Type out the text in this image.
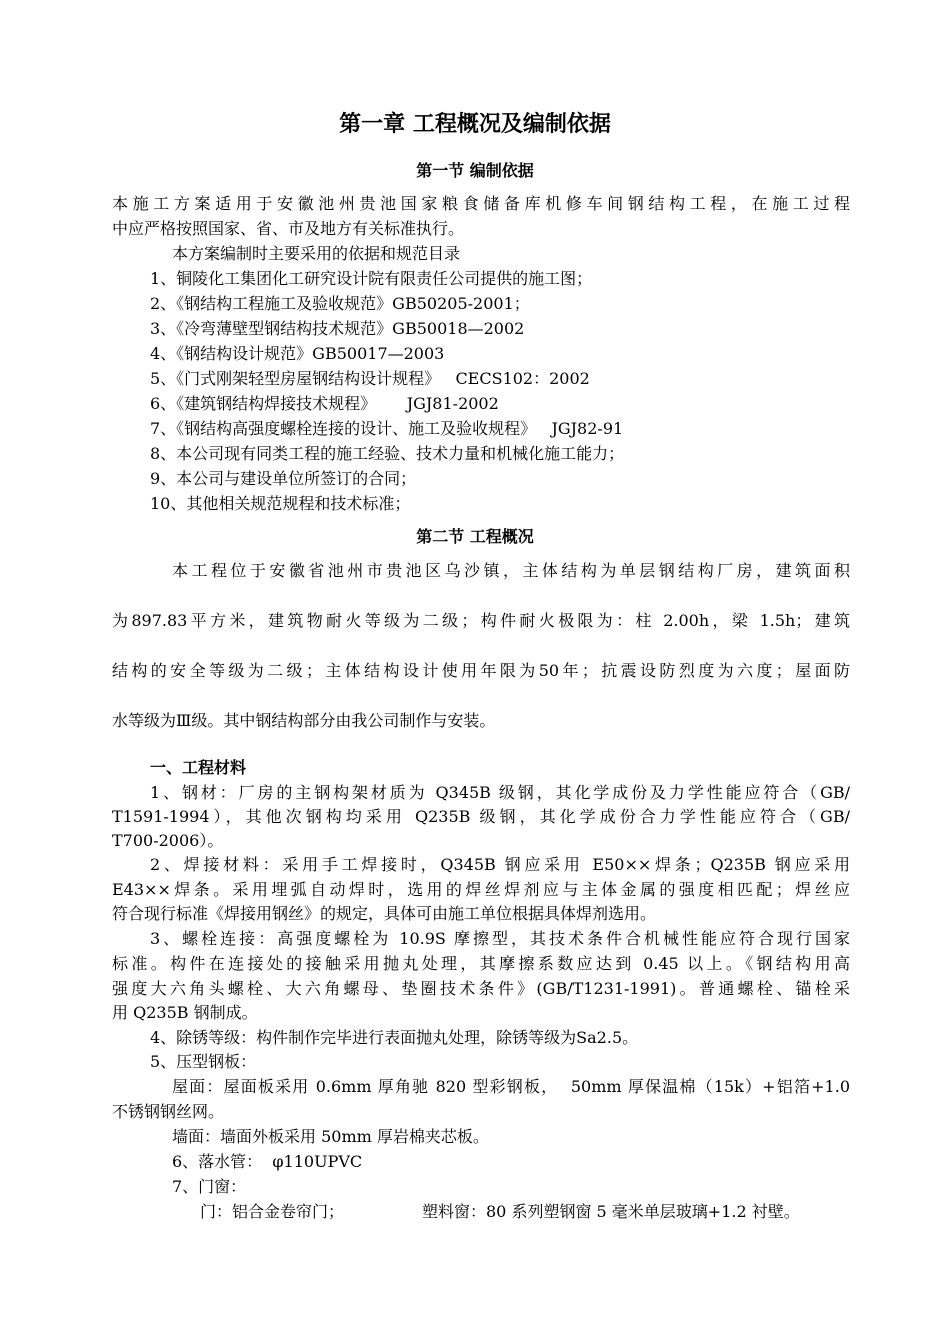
第一章 工程概况及编制依据
第一节 编制依据
本施工方案适用于安徽池州贵池国家粮食储备库机修车间钢结构工程，在施工过程
中应严格按照国家、省、市及地方有关标准执行。
本方案编制时主要采用的依据和规范目录
1、铜陵化工集团化工研究设计院有限责任公司提供的施工图；
2、《钢结构工程施工及验收规范》GB50205-2001；
3、《冷弯薄壁型钢结构技术规范》GB50018—2002
4、《钢结构设计规范》GB50017—2003
5、《门式刚架轻型房屋钢结构设计规程》   CECS102：2002
6、《建筑钢结构焊接技术规程》      JGJ81-2002
7、《钢结构高强度螺栓连接的设计、施工及验收规程》   JGJ82-91
8、本公司现有同类工程的施工经验、技术力量和机械化施工能力；
9、本公司与建设单位所签订的合同；
10、其他相关规范规程和技术标准；
第二节 工程概况
本工程位于安徽省池州市贵池区乌沙镇，主体结构为单层钢结构厂房，建筑面积
为897.83平方米，建筑物耐火等级为二级；构件耐火极限为：柱 2.00h，梁 1.5h；建筑
结构的安全等级为二级；主体结构设计使用年限为50年；抗震设防烈度为六度；屋面防
水等级为Ⅲ级。其中钢结构部分由我公司制作与安装。
一、工程材料
1、钢材：厂房的主钢构架材质为 Q345B 级钢，其化学成份及力学性能应符合（GB/
T1591-1994），其他次钢构均采用 Q235B 级钢，其化学成份合力学性能应符合（GB/
T700-2006）。
2、焊接材料：采用手工焊接时，Q345B 钢应采用 E50××焊条；Q235B 钢应采用
E43××焊条。采用埋弧自动焊时，选用的焊丝焊剂应与主体金属的强度相匹配；焊丝应
符合现行标准《焊接用钢丝》的规定，具体可由施工单位根据具体焊剂选用。
3、螺栓连接：高强度螺栓为 10.9S 摩擦型，其技术条件合机械性能应符合现行国家
标准。构件在连接处的接触采用抛丸处理，其摩擦系数应达到 0.45 以上。《钢结构用高
强度大六角头螺栓、大六角螺母、垫圈技术条件》(GB/T1231-1991)。普通螺栓、锚栓采
用 Q235B 钢制成。
4、除锈等级：构件制作完毕进行表面抛丸处理，除锈等级为Sa2.5。
5、压型钢板：
屋面：屋面板采用 0.6mm 厚角驰 820 型彩钢板，  50mm 厚保温棉（15k）+铝箔+1.0
不锈钢钢丝网。
墙面：墙面外板采用 50mm 厚岩棉夹芯板。
6、落水管：  φ110UPVC
7、门窗：
门：铝合金卷帘门；	塑料窗：80 系列塑钢窗 5 毫米单层玻璃+1.2 衬壁。
